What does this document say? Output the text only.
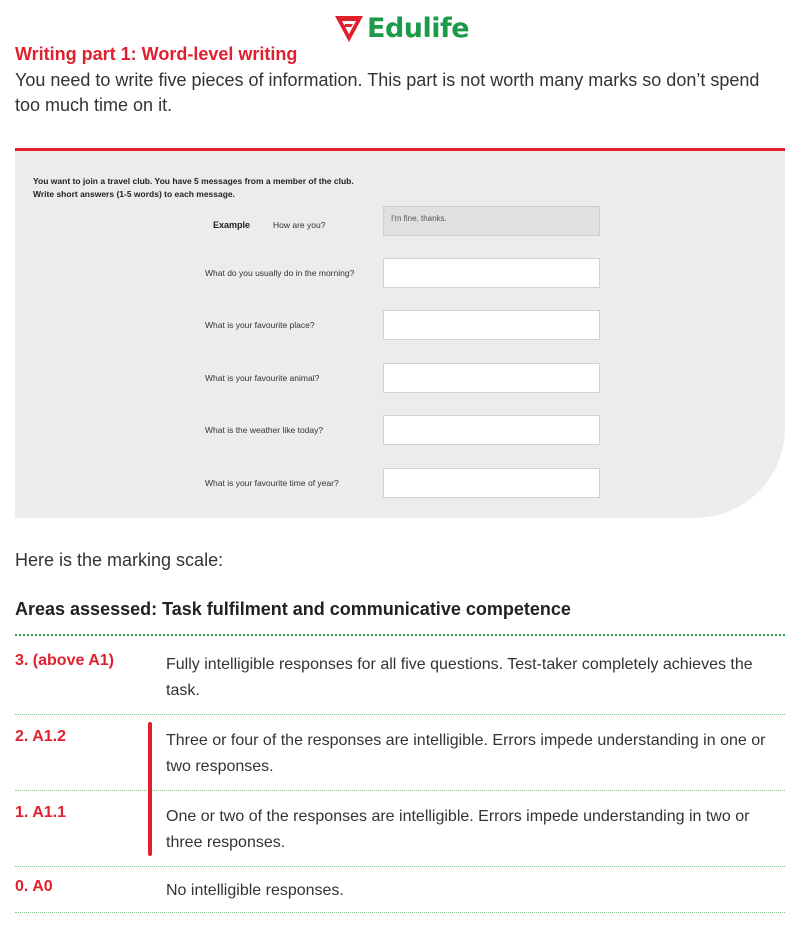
Edulife
Writing part 1: Word-level writing
You need to write five pieces of information. This part is not worth many marks so don’t spend too much time on it.
You want to join a travel club. You have 5 messages from a member of the club.
Write short answers (1-5 words) to each message.
Example	How are you?
I'm fine, thanks.
What do you usually do in the morning?
What is your favourite place?
What is your favourite animal?
What is the weather like today?
What is your favourite time of year?
Here is the marking scale:
Areas assessed: Task fulfilment and communicative competence
3. (above A1)	Fully intelligible responses for all five questions. Test-taker completely achieves the task.
2. A1.2	Three or four of the responses are intelligible. Errors impede understanding in one or two responses.
1. A1.1	One or two of the responses are intelligible. Errors impede understanding in two or three responses.
0. A0	No intelligible responses.
